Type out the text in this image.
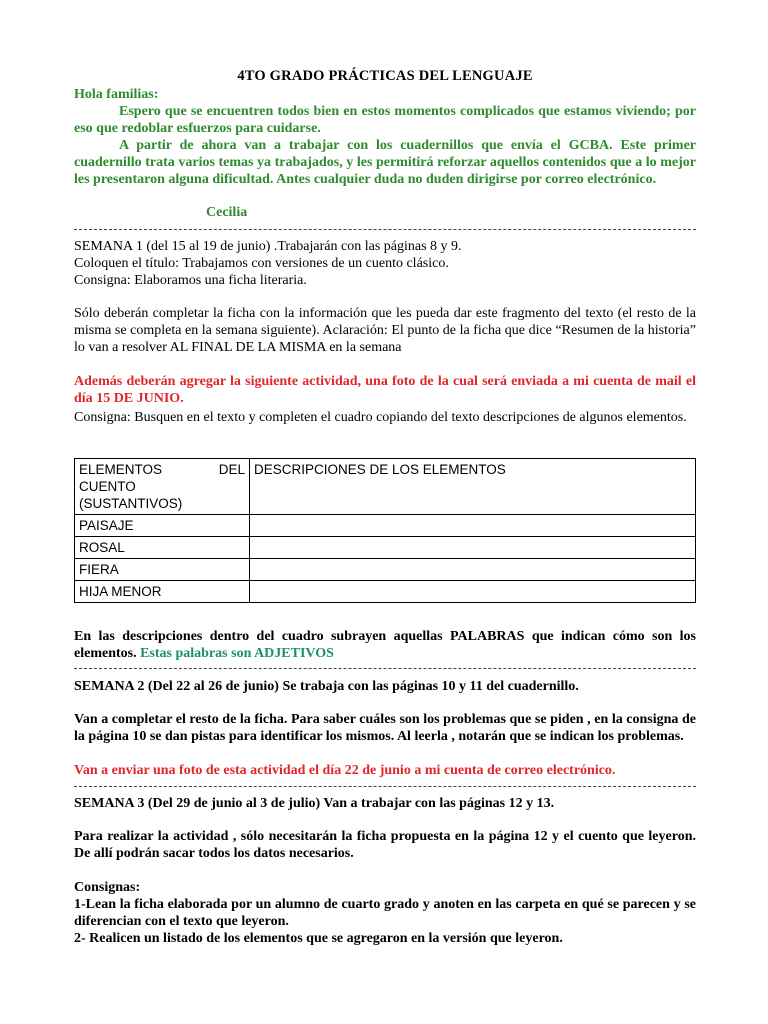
4TO GRADO PRÁCTICAS DEL LENGUAJE
Hola familias:
Espero que se encuentren todos bien en estos momentos complicados que estamos viviendo; por eso que redoblar esfuerzos para cuidarse.
A partir de ahora van a trabajar con los cuadernillos que envía el GCBA. Este primer cuadernillo trata varios temas ya trabajados, y les permitirá reforzar aquellos contenidos que a lo mejor les presentaron alguna dificultad. Antes cualquier duda no duden dirigirse por correo electrónico.
Cecilia
SEMANA 1 (del 15 al 19 de junio) .Trabajarán con las páginas 8 y 9.
Coloquen el título: Trabajamos con versiones de un cuento clásico.
Consigna: Elaboramos una ficha literaria.
Sólo deberán completar la ficha con la información que les pueda dar este fragmento del texto (el resto de la misma se completa en la semana siguiente). Aclaración: El punto de la ficha que dice “Resumen de la historia” lo van a resolver AL FINAL DE LA MISMA en la semana
Además deberán agregar la siguiente actividad, una foto de la cual será enviada a mi cuenta de mail el día 15 DE JUNIO.
Consigna: Busquen en el texto y completen el cuadro copiando del texto descripciones de algunos elementos.
ELEMENTOS DEL
CUENTO
(SUSTANTIVOS)	DESCRIPCIONES DE LOS ELEMENTOS
PAISAJE	
ROSAL	
FIERA	
HIJA MENOR	
En las descripciones dentro del cuadro subrayen aquellas PALABRAS que indican cómo son los elementos. Estas palabras son ADJETIVOS
SEMANA 2 (Del 22 al 26 de junio) Se trabaja con las páginas 10 y 11 del cuadernillo.
Van a completar el resto de la ficha. Para saber cuáles son los problemas que se piden , en la consigna de la página 10 se dan pistas para identificar los mismos. Al leerla , notarán que se indican los problemas.
Van a enviar una foto de esta actividad el día 22 de junio a mi cuenta de correo electrónico.
SEMANA 3 (Del 29 de junio al 3 de julio) Van a trabajar con las páginas 12 y 13.
Para realizar la actividad , sólo necesitarán la ficha propuesta en la página 12 y el cuento que leyeron. De allí podrán sacar todos los datos necesarios.
Consignas:
1-Lean la ficha elaborada por un alumno de cuarto grado y anoten en las carpeta en qué se parecen y se diferencian con el texto que leyeron.
2- Realicen un listado de los elementos que se agregaron en la versión que leyeron.
